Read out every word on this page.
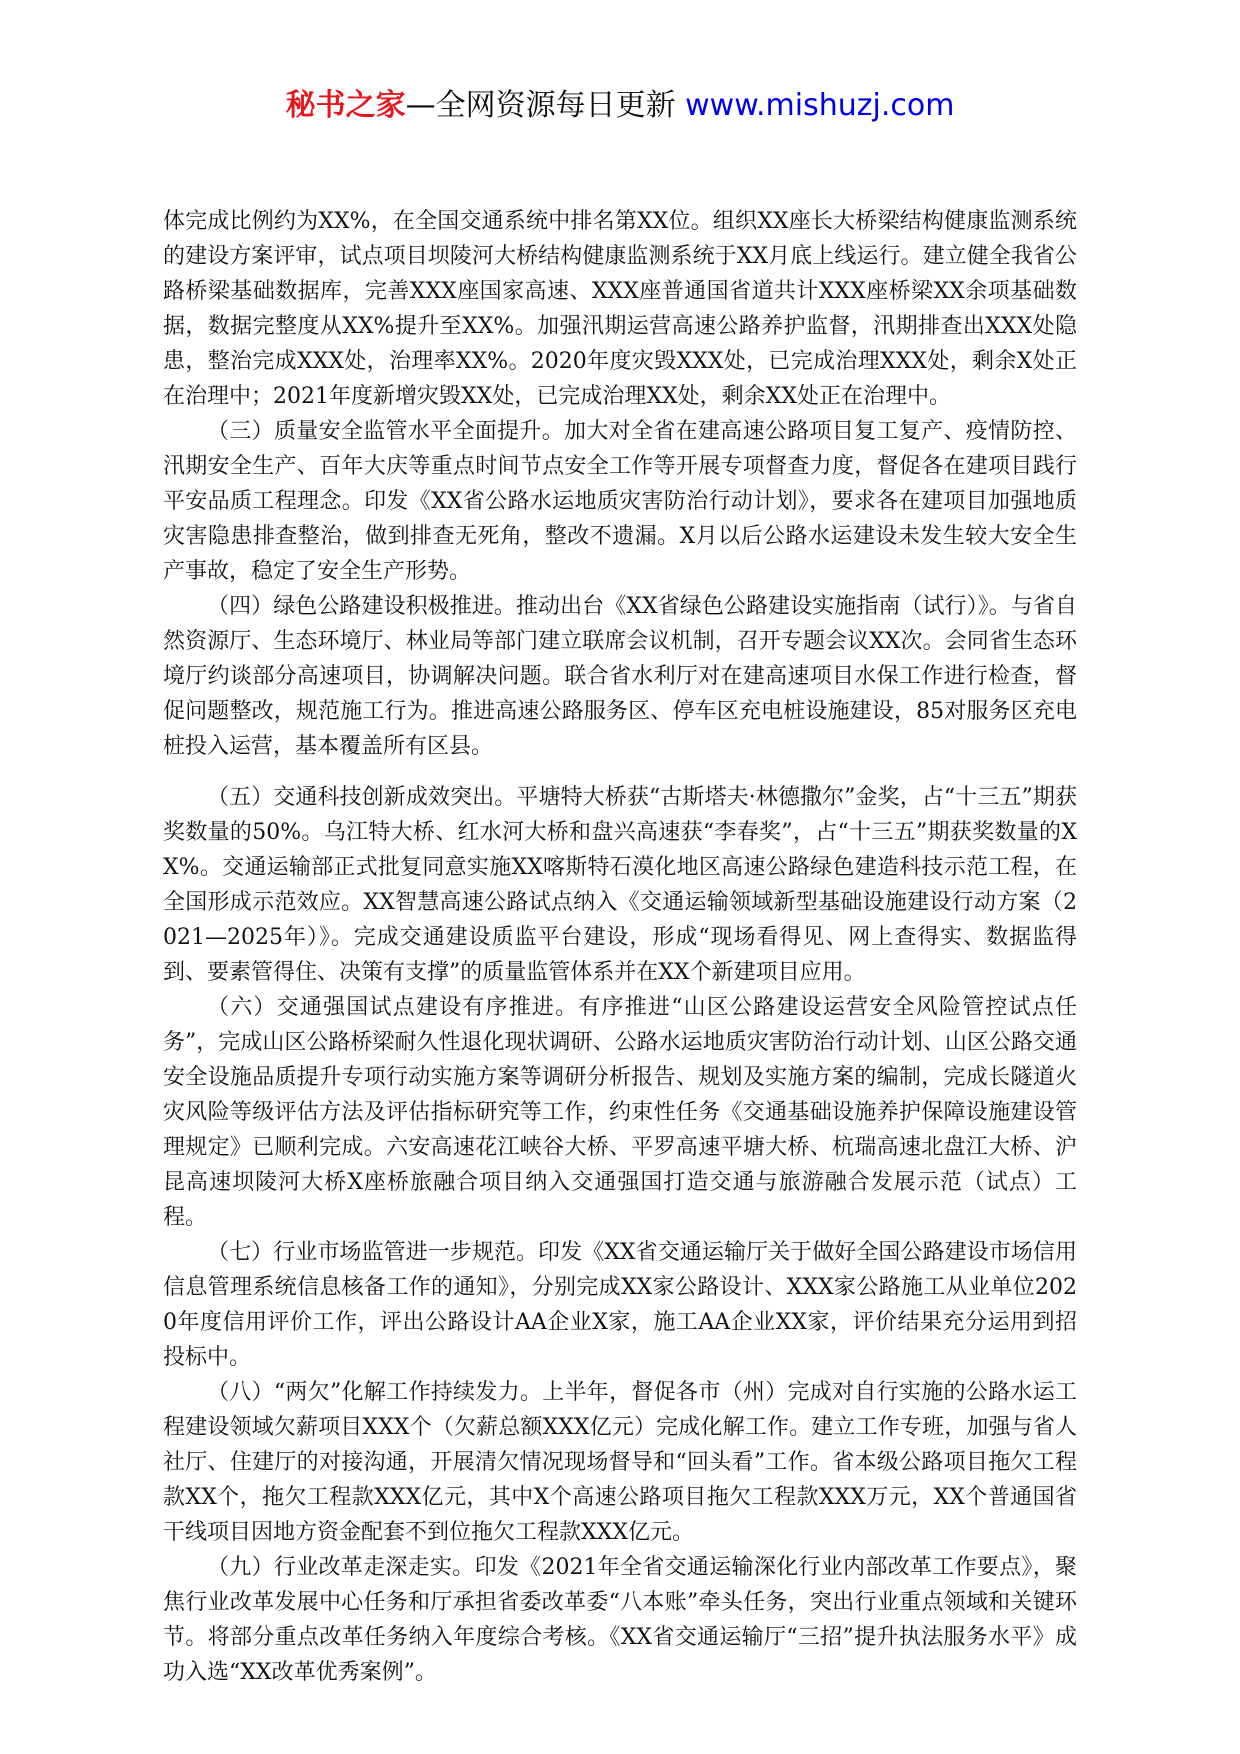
秘书之家—全网资源每日更新 www.mishuzj.com

体完成比例约为XX%，在全国交通系统中排名第XX位。组织XX座长大桥梁结构健康监测系统的建设方案评审，试点项目坝陵河大桥结构健康监测系统于XX月底上线运行。建立健全我省公路桥梁基础数据库，完善XXX座国家高速、XXX座普通国省道共计XXX座桥梁XX余项基础数据，数据完整度从XX%提升至XX%。加强汛期运营高速公路养护监督，汛期排查出XXX处隐患，整治完成XXX处，治理率XX%。2020年度灾毁XXX处，已完成治理XXX处，剩余X处正在治理中；2021年度新增灾毁XX处，已完成治理XX处，剩余XX处正在治理中。

（三）质量安全监管水平全面提升。加大对全省在建高速公路项目复工复产、疫情防控、汛期安全生产、百年大庆等重点时间节点安全工作等开展专项督查力度，督促各在建项目践行平安品质工程理念。印发《XX省公路水运地质灾害防治行动计划》，要求各在建项目加强地质灾害隐患排查整治，做到排查无死角，整改不遗漏。X月以后公路水运建设未发生较大安全生产事故，稳定了安全生产形势。

（四）绿色公路建设积极推进。推动出台《XX省绿色公路建设实施指南（试行）》。与省自然资源厅、生态环境厅、林业局等部门建立联席会议机制，召开专题会议XX次。会同省生态环境厅约谈部分高速项目，协调解决问题。联合省水利厅对在建高速项目水保工作进行检查，督促问题整改，规范施工行为。推进高速公路服务区、停车区充电桩设施建设，85对服务区充电桩投入运营，基本覆盖所有区县。

（五）交通科技创新成效突出。平塘特大桥获“古斯塔夫·林德撒尔”金奖，占“十三五”期获奖数量的50%。乌江特大桥、红水河大桥和盘兴高速获“李春奖”，占“十三五”期获奖数量的XX%。交通运输部正式批复同意实施XX喀斯特石漠化地区高速公路绿色建造科技示范工程，在全国形成示范效应。XX智慧高速公路试点纳入《交通运输领域新型基础设施建设行动方案（2021—2025年）》。完成交通建设质监平台建设，形成“现场看得见、网上查得实、数据监得到、要素管得住、决策有支撑”的质量监管体系并在XX个新建项目应用。

（六）交通强国试点建设有序推进。有序推进“山区公路建设运营安全风险管控试点任务”，完成山区公路桥梁耐久性退化现状调研、公路水运地质灾害防治行动计划、山区公路交通安全设施品质提升专项行动实施方案等调研分析报告、规划及实施方案的编制，完成长隧道火灾风险等级评估方法及评估指标研究等工作，约束性任务《交通基础设施养护保障设施建设管理规定》已顺利完成。六安高速花江峡谷大桥、平罗高速平塘大桥、杭瑞高速北盘江大桥、沪昆高速坝陵河大桥X座桥旅融合项目纳入交通强国打造交通与旅游融合发展示范（试点）工程。

（七）行业市场监管进一步规范。印发《XX省交通运输厅关于做好全国公路建设市场信用信息管理系统信息核备工作的通知》，分别完成XX家公路设计、XXX家公路施工从业单位2020年度信用评价工作，评出公路设计AA企业X家，施工AA企业XX家，评价结果充分运用到招投标中。

（八）“两欠”化解工作持续发力。上半年，督促各市（州）完成对自行实施的公路水运工程建设领域欠薪项目XXX个（欠薪总额XXX亿元）完成化解工作。建立工作专班，加强与省人社厅、住建厅的对接沟通，开展清欠情况现场督导和“回头看”工作。省本级公路项目拖欠工程款XX个，拖欠工程款XXX亿元，其中X个高速公路项目拖欠工程款XXX万元，XX个普通国省干线项目因地方资金配套不到位拖欠工程款XXX亿元。

（九）行业改革走深走实。印发《2021年全省交通运输深化行业内部改革工作要点》，聚焦行业改革发展中心任务和厅承担省委改革委“八本账”牵头任务，突出行业重点领域和关键环节。将部分重点改革任务纳入年度综合考核。《XX省交通运输厅“三招”提升执法服务水平》成功入选“XX改革优秀案例”。
